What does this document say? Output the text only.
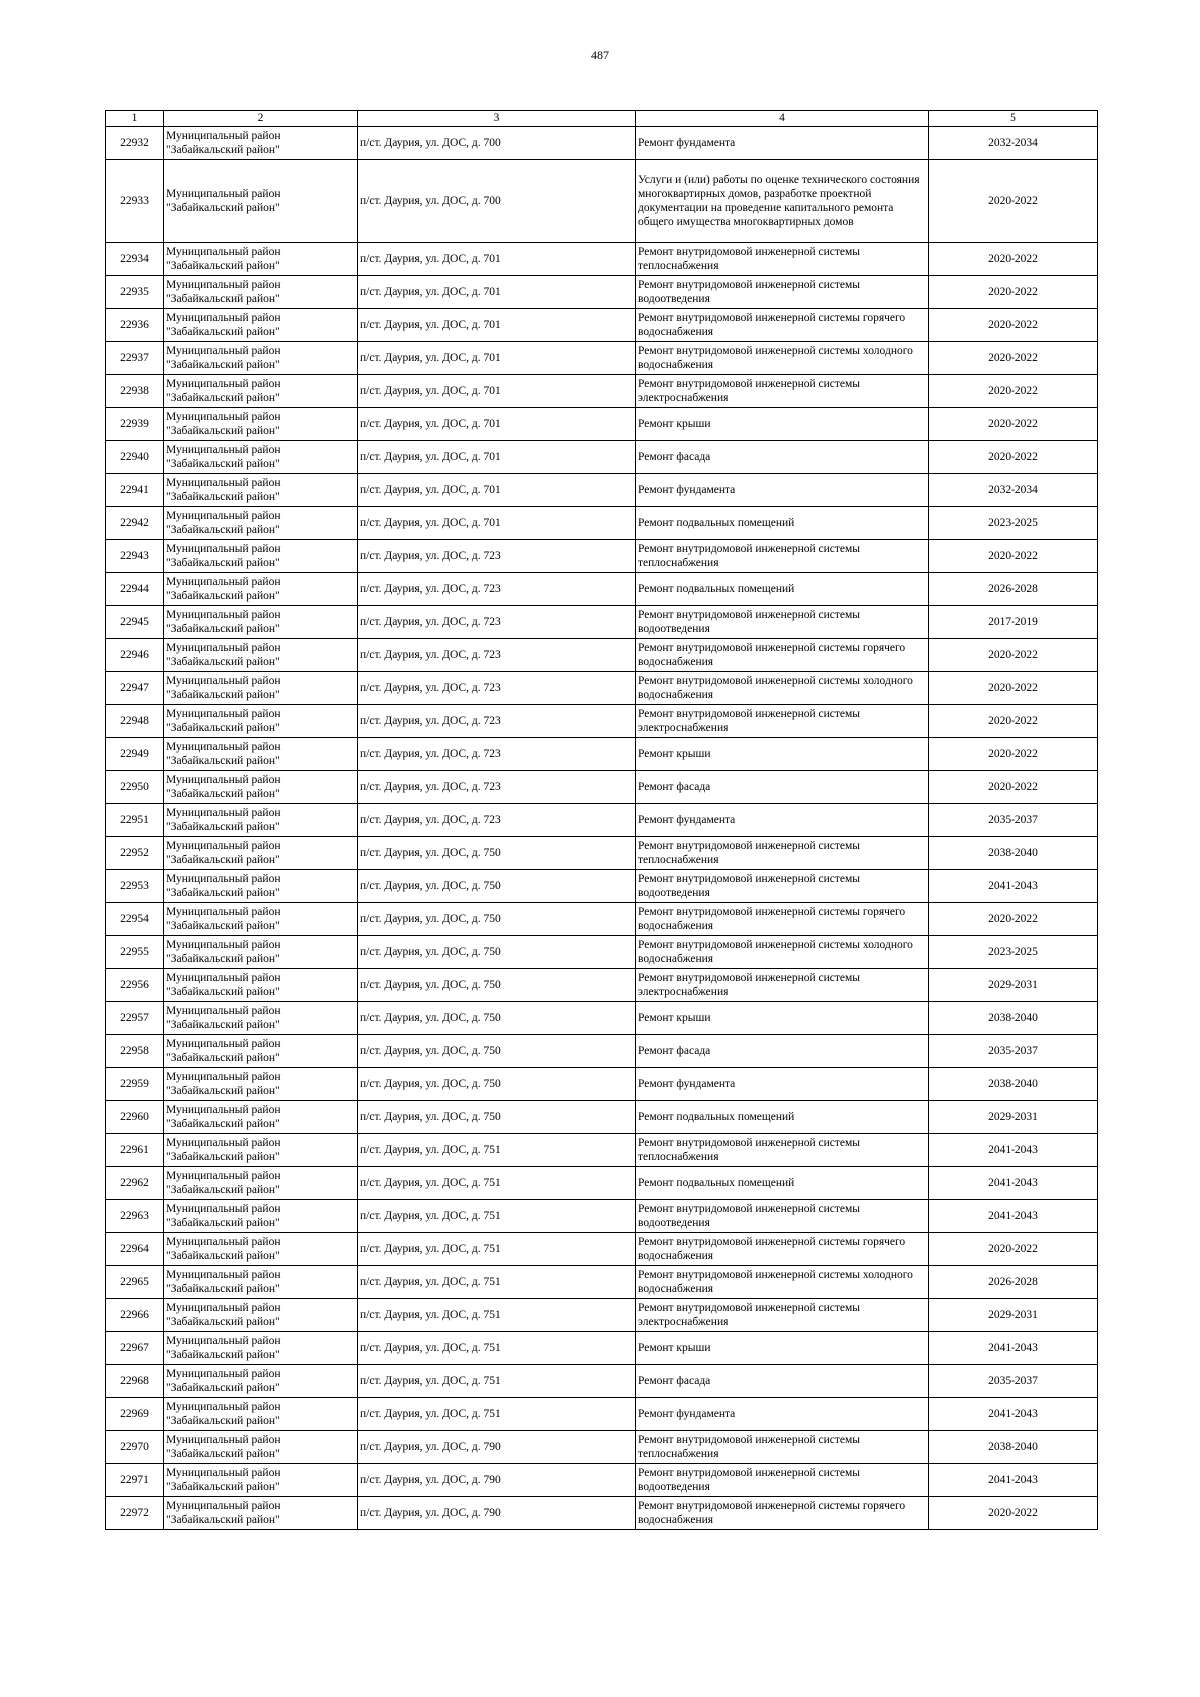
487
1	2	3	4	5
22932	Муниципальный район "Забайкальский район"	п/ст. Даурия, ул. ДОС, д. 700	Ремонт фундамента	2032-2034
22933	Муниципальный район "Забайкальский район"	п/ст. Даурия, ул. ДОС, д. 700	Услуги и (или) работы по оценке технического состояния многоквартирных домов, разработке проектной документации на проведение капитального ремонта общего имущества многоквартирных домов	2020-2022
22934	Муниципальный район "Забайкальский район"	п/ст. Даурия, ул. ДОС, д. 701	Ремонт внутридомовой инженерной системы теплоснабжения	2020-2022
22935	Муниципальный район "Забайкальский район"	п/ст. Даурия, ул. ДОС, д. 701	Ремонт внутридомовой инженерной системы водоотведения	2020-2022
22936	Муниципальный район "Забайкальский район"	п/ст. Даурия, ул. ДОС, д. 701	Ремонт внутридомовой инженерной системы горячего водоснабжения	2020-2022
22937	Муниципальный район "Забайкальский район"	п/ст. Даурия, ул. ДОС, д. 701	Ремонт внутридомовой инженерной системы холодного водоснабжения	2020-2022
22938	Муниципальный район "Забайкальский район"	п/ст. Даурия, ул. ДОС, д. 701	Ремонт внутридомовой инженерной системы электроснабжения	2020-2022
22939	Муниципальный район "Забайкальский район"	п/ст. Даурия, ул. ДОС, д. 701	Ремонт крыши	2020-2022
22940	Муниципальный район "Забайкальский район"	п/ст. Даурия, ул. ДОС, д. 701	Ремонт фасада	2020-2022
22941	Муниципальный район "Забайкальский район"	п/ст. Даурия, ул. ДОС, д. 701	Ремонт фундамента	2032-2034
22942	Муниципальный район "Забайкальский район"	п/ст. Даурия, ул. ДОС, д. 701	Ремонт подвальных помещений	2023-2025
22943	Муниципальный район "Забайкальский район"	п/ст. Даурия, ул. ДОС, д. 723	Ремонт внутридомовой инженерной системы теплоснабжения	2020-2022
22944	Муниципальный район "Забайкальский район"	п/ст. Даурия, ул. ДОС, д. 723	Ремонт подвальных помещений	2026-2028
22945	Муниципальный район "Забайкальский район"	п/ст. Даурия, ул. ДОС, д. 723	Ремонт внутридомовой инженерной системы водоотведения	2017-2019
22946	Муниципальный район "Забайкальский район"	п/ст. Даурия, ул. ДОС, д. 723	Ремонт внутридомовой инженерной системы горячего водоснабжения	2020-2022
22947	Муниципальный район "Забайкальский район"	п/ст. Даурия, ул. ДОС, д. 723	Ремонт внутридомовой инженерной системы холодного водоснабжения	2020-2022
22948	Муниципальный район "Забайкальский район"	п/ст. Даурия, ул. ДОС, д. 723	Ремонт внутридомовой инженерной системы электроснабжения	2020-2022
22949	Муниципальный район "Забайкальский район"	п/ст. Даурия, ул. ДОС, д. 723	Ремонт крыши	2020-2022
22950	Муниципальный район "Забайкальский район"	п/ст. Даурия, ул. ДОС, д. 723	Ремонт фасада	2020-2022
22951	Муниципальный район "Забайкальский район"	п/ст. Даурия, ул. ДОС, д. 723	Ремонт фундамента	2035-2037
22952	Муниципальный район "Забайкальский район"	п/ст. Даурия, ул. ДОС, д. 750	Ремонт внутридомовой инженерной системы теплоснабжения	2038-2040
22953	Муниципальный район "Забайкальский район"	п/ст. Даурия, ул. ДОС, д. 750	Ремонт внутридомовой инженерной системы водоотведения	2041-2043
22954	Муниципальный район "Забайкальский район"	п/ст. Даурия, ул. ДОС, д. 750	Ремонт внутридомовой инженерной системы горячего водоснабжения	2020-2022
22955	Муниципальный район "Забайкальский район"	п/ст. Даурия, ул. ДОС, д. 750	Ремонт внутридомовой инженерной системы холодного водоснабжения	2023-2025
22956	Муниципальный район "Забайкальский район"	п/ст. Даурия, ул. ДОС, д. 750	Ремонт внутридомовой инженерной системы электроснабжения	2029-2031
22957	Муниципальный район "Забайкальский район"	п/ст. Даурия, ул. ДОС, д. 750	Ремонт крыши	2038-2040
22958	Муниципальный район "Забайкальский район"	п/ст. Даурия, ул. ДОС, д. 750	Ремонт фасада	2035-2037
22959	Муниципальный район "Забайкальский район"	п/ст. Даурия, ул. ДОС, д. 750	Ремонт фундамента	2038-2040
22960	Муниципальный район "Забайкальский район"	п/ст. Даурия, ул. ДОС, д. 750	Ремонт подвальных помещений	2029-2031
22961	Муниципальный район "Забайкальский район"	п/ст. Даурия, ул. ДОС, д. 751	Ремонт внутридомовой инженерной системы теплоснабжения	2041-2043
22962	Муниципальный район "Забайкальский район"	п/ст. Даурия, ул. ДОС, д. 751	Ремонт подвальных помещений	2041-2043
22963	Муниципальный район "Забайкальский район"	п/ст. Даурия, ул. ДОС, д. 751	Ремонт внутридомовой инженерной системы водоотведения	2041-2043
22964	Муниципальный район "Забайкальский район"	п/ст. Даурия, ул. ДОС, д. 751	Ремонт внутридомовой инженерной системы горячего водоснабжения	2020-2022
22965	Муниципальный район "Забайкальский район"	п/ст. Даурия, ул. ДОС, д. 751	Ремонт внутридомовой инженерной системы холодного водоснабжения	2026-2028
22966	Муниципальный район "Забайкальский район"	п/ст. Даурия, ул. ДОС, д. 751	Ремонт внутридомовой инженерной системы электроснабжения	2029-2031
22967	Муниципальный район "Забайкальский район"	п/ст. Даурия, ул. ДОС, д. 751	Ремонт крыши	2041-2043
22968	Муниципальный район "Забайкальский район"	п/ст. Даурия, ул. ДОС, д. 751	Ремонт фасада	2035-2037
22969	Муниципальный район "Забайкальский район"	п/ст. Даурия, ул. ДОС, д. 751	Ремонт фундамента	2041-2043
22970	Муниципальный район "Забайкальский район"	п/ст. Даурия, ул. ДОС, д. 790	Ремонт внутридомовой инженерной системы теплоснабжения	2038-2040
22971	Муниципальный район "Забайкальский район"	п/ст. Даурия, ул. ДОС, д. 790	Ремонт внутридомовой инженерной системы водоотведения	2041-2043
22972	Муниципальный район "Забайкальский район"	п/ст. Даурия, ул. ДОС, д. 790	Ремонт внутридомовой инженерной системы горячего водоснабжения	2020-2022
